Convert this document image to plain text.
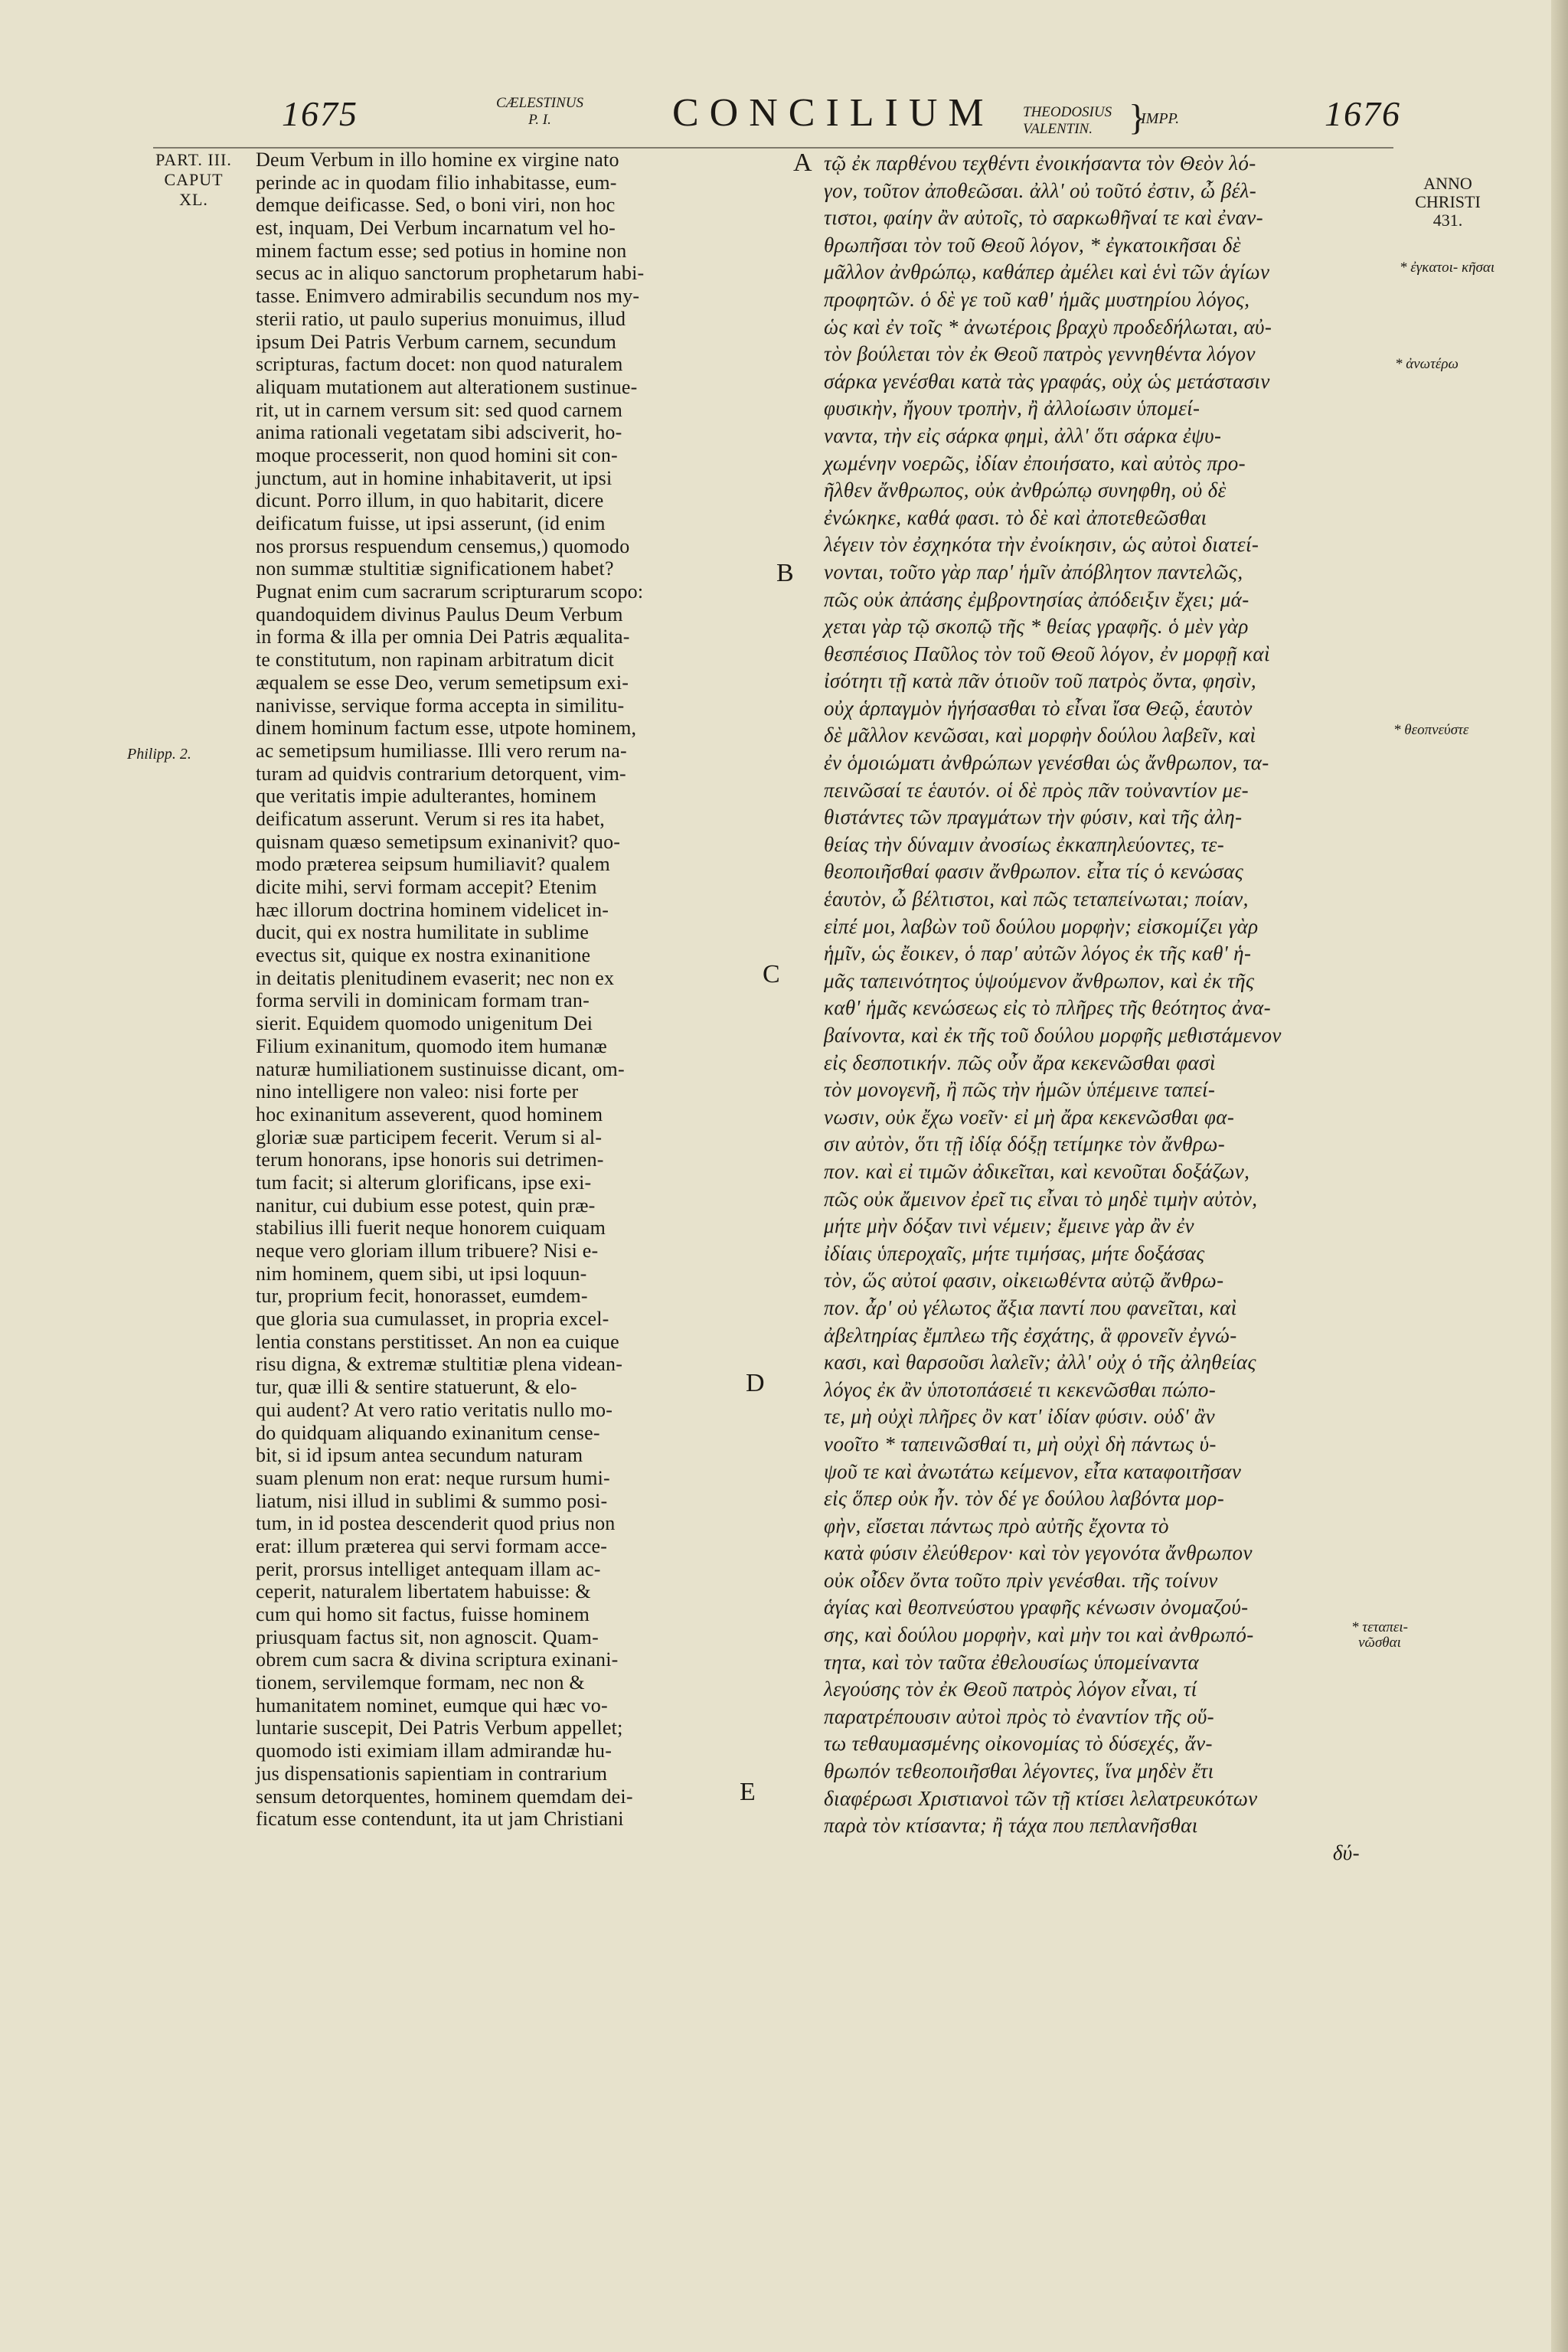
1675	CÆLESTINUS
P. I.	CONCILIUM THEODOSIUS
VALENTIN. }
IMPP.	1676
PART. III.
CAPUT
XL.
Philipp. 2.
Deum Verbum in illo homine ex virgine nato
perinde ac in quodam filio inhabitasse, eum-
demque deificasse. Sed, o boni viri, non hoc
est, inquam, Dei Verbum incarnatum vel ho-
minem factum esse; sed potius in homine non
secus ac in aliquo sanctorum prophetarum habi-
tasse. Enimvero admirabilis secundum nos my-
sterii ratio, ut paulo superius monuimus, illud
ipsum Dei Patris Verbum carnem, secundum
scripturas, factum docet: non quod naturalem
aliquam mutationem aut alterationem sustinue-
rit, ut in carnem versum sit: sed quod carnem
anima rationali vegetatam sibi adsciverit, ho-
moque processerit, non quod homini sit con-
junctum, aut in homine inhabitaverit, ut ipsi
dicunt. Porro illum, in quo habitarit, dicere
deificatum fuisse, ut ipsi asserunt, (id enim
nos prorsus respuendum censemus,) quomodo
non summæ stultitiæ significationem habet?
Pugnat enim cum sacrarum scripturarum scopo:
quandoquidem divinus Paulus Deum Verbum
in forma & illa per omnia Dei Patris æqualita-
te constitutum, non rapinam arbitratum dicit
æqualem se esse Deo, verum semetipsum exi-
nanivisse, servique forma accepta in similitu-
dinem hominum factum esse, utpote hominem,
ac semetipsum humiliasse. Illi vero rerum na-
turam ad quidvis contrarium detorquent, vim-
que veritatis impie adulterantes, hominem
deificatum asserunt. Verum si res ita habet,
quisnam quæso semetipsum exinanivit? quo-
modo præterea seipsum humiliavit? qualem
dicite mihi, servi formam accepit? Etenim
hæc illorum doctrina hominem videlicet in-
ducit, qui ex nostra humilitate in sublime
evectus sit, quique ex nostra exinanitione
in deitatis plenitudinem evaserit; nec non ex
forma servili in dominicam formam tran-
sierit. Equidem quomodo unigenitum Dei
Filium exinanitum, quomodo item humanæ
naturæ humiliationem sustinuisse dicant, om-
nino intelligere non valeo: nisi forte per
hoc exinanitum asseverent, quod hominem
gloriæ suæ participem fecerit. Verum si al-
terum honorans, ipse honoris sui detrimen-
tum facit; si alterum glorificans, ipse exi-
nanitur, cui dubium esse potest, quin præ-
stabilius illi fuerit neque honorem cuiquam
neque vero gloriam illum tribuere? Nisi e-
nim hominem, quem sibi, ut ipsi loquun-
tur, proprium fecit, honorasset, eumdem-
que gloria sua cumulasset, in propria excel-
lentia constans perstitisset. An non ea cuique
risu digna, & extremæ stultitiæ plena videan-
tur, quæ illi & sentire statuerunt, & elo-
qui audent? At vero ratio veritatis nullo mo-
do quidquam aliquando exinanitum cense-
bit, si id ipsum antea secundum naturam
suam plenum non erat: neque rursum humi-
liatum, nisi illud in sublimi & summo posi-
tum, in id postea descenderit quod prius non
erat: illum præterea qui servi formam acce-
perit, prorsus intelliget antequam illam ac-
ceperit, naturalem libertatem habuisse: &
cum qui homo sit factus, fuisse hominem
priusquam factus sit, non agnoscit. Quam-
obrem cum sacra & divina scriptura exinani-
tionem, servilemque formam, nec non &
humanitatem nominet, eumque qui hæc vo-
luntarie suscepit, Dei Patris Verbum appellet;
quomodo isti eximiam illam admirandæ hu-
jus dispensationis sapientiam in contrarium
sensum detorquentes, hominem quemdam dei-
ficatum esse contendunt, ita ut jam Christiani
A
B
C
D
E
τῷ ἐκ παρθένου τεχθέντι ἐνοικήσαντα τὸν Θεὸν λό-
γον, τοῦτον ἀποθεῶσαι. ἀλλ' οὐ τοῦτό ἐστιν, ὦ βέλ-
τιστοι, φαίην ἂν αὐτοῖς, τὸ σαρκωθῆναί τε καὶ ἐναν-
θρωπῆσαι τὸν τοῦ Θεοῦ λόγον, * ἐγκατοικῆσαι δὲ
μᾶλλον ἀνθρώπῳ, καθάπερ ἀμέλει καὶ ἑνὶ τῶν ἁγίων
προφητῶν. ὁ δὲ γε τοῦ καθ' ἡμᾶς μυστηρίου λόγος,
ὡς καὶ ἐν τοῖς * ἀνωτέροις βραχὺ προδεδήλωται, αὐ-
τὸν βούλεται τὸν ἐκ Θεοῦ πατρὸς γεννηθέντα λόγον
σάρκα γενέσθαι κατὰ τὰς γραφάς, οὐχ ὡς μετάστασιν
φυσικὴν, ἤγουν τροπὴν, ἢ ἀλλοίωσιν ὑπομεί-
ναντα, τὴν εἰς σάρκα φημὶ, ἀλλ' ὅτι σάρκα ἐψυ-
χωμένην νοερῶς, ἰδίαν ἐποιήσατο, καὶ αὐτὸς προ-
ῆλθεν ἄνθρωπος, οὐκ ἀνθρώπῳ συνηφθη, οὐ δὲ
ἐνώκηκε, καθά φασι. τὸ δὲ καὶ ἀποτεθεῶσθαι
λέγειν τὸν ἐσχηκότα τὴν ἐνοίκησιν, ὡς αὐτοὶ διατεί-
νονται, τοῦτο γὰρ παρ' ἡμῖν ἀπόβλητον παντελῶς,
πῶς οὐκ ἀπάσης ἐμβροντησίας ἀπόδειξιν ἔχει; μά-
χεται γὰρ τῷ σκοπῷ τῆς * θείας γραφῆς. ὁ μὲν γὰρ
θεσπέσιος Παῦλος τὸν τοῦ Θεοῦ λόγον, ἐν μορφῇ καὶ
ἰσότητι τῇ κατὰ πᾶν ὁτιοῦν τοῦ πατρὸς ὄντα, φησὶν,
οὐχ ἁρπαγμὸν ἡγήσασθαι τὸ εἶναι ἴσα Θεῷ, ἑαυτὸν
δὲ μᾶλλον κενῶσαι, καὶ μορφὴν δούλου λαβεῖν, καὶ
ἐν ὁμοιώματι ἀνθρώπων γενέσθαι ὡς ἄνθρωπον, τα-
πεινῶσαί τε ἑαυτόν. οἱ δὲ πρὸς πᾶν τοὐναντίον με-
θιστάντες τῶν πραγμάτων τὴν φύσιν, καὶ τῆς ἀλη-
θείας τὴν δύναμιν ἀνοσίως ἐκκαπηλεύοντες, τε-
θεοποιῆσθαί φασιν ἄνθρωπον. εἶτα τίς ὁ κενώσας
ἑαυτὸν, ὦ βέλτιστοι, καὶ πῶς τεταπείνωται; ποίαν,
εἰπέ μοι, λαβὼν τοῦ δούλου μορφὴν; εἰσκομίζει γὰρ
ἡμῖν, ὡς ἔοικεν, ὁ παρ' αὐτῶν λόγος ἐκ τῆς καθ' ἡ-
μᾶς ταπεινότητος ὑψούμενον ἄνθρωπον, καὶ ἐκ τῆς
καθ' ἡμᾶς κενώσεως εἰς τὸ πλῆρες τῆς θεότητος ἀνα-
βαίνοντα, καὶ ἐκ τῆς τοῦ δούλου μορφῆς μεθιστάμενον
εἰς δεσποτικήν. πῶς οὖν ἄρα κεκενῶσθαι φασὶ
τὸν μονογενῆ, ἢ πῶς τὴν ἡμῶν ὑπέμεινε ταπεί-
νωσιν, οὐκ ἔχω νοεῖν· εἰ μὴ ἄρα κεκενῶσθαι φα-
σιν αὐτὸν, ὅτι τῇ ἰδίᾳ δόξῃ τετίμηκε τὸν ἄνθρω-
πον. καὶ εἰ τιμῶν ἀδικεῖται, καὶ κενοῦται δοξάζων,
πῶς οὐκ ἄμεινον ἐρεῖ τις εἶναι τὸ μηδὲ τιμὴν αὐτὸν,
μήτε μὴν δόξαν τινὶ νέμειν; ἔμεινε γὰρ ἂν ἐν
ἰδίαις ὑπεροχαῖς, μήτε τιμήσας, μήτε δοξάσας
τὸν, ὥς αὐτοί φασιν, οἰκειωθέντα αὐτῷ ἄνθρω-
πον. ἆρ' οὐ γέλωτος ἄξια παντί που φανεῖται, καὶ
ἀβελτηρίας ἔμπλεω τῆς ἐσχάτης, ἃ φρονεῖν ἐγνώ-
κασι, καὶ θαρσοῦσι λαλεῖν; ἀλλ' οὐχ ὁ τῆς ἀληθείας
λόγος ἐκ ἂν ὑποτοπάσειέ τι κεκενῶσθαι πώπο-
τε, μὴ οὐχὶ πλῆρες ὂν κατ' ἰδίαν φύσιν. οὐδ' ἂν
νοοῖτο * ταπεινῶσθαί τι, μὴ οὐχὶ δὴ πάντως ὑ-
ψοῦ τε καὶ ἀνωτάτω κείμενον, εἶτα καταφοιτῆσαν
εἰς ὅπερ οὐκ ἦν. τὸν δέ γε δούλου λαβόντα μορ-
φὴν, εἴσεται πάντως πρὸ αὐτῆς ἔχοντα τὸ
κατὰ φύσιν ἐλεύθερον· καὶ τὸν γεγονότα ἄνθρωπον
οὐκ οἶδεν ὄντα τοῦτο πρὶν γενέσθαι. τῆς τοίνυν
ἁγίας καὶ θεοπνεύστου γραφῆς κένωσιν ὀνομαζού-
σης, καὶ δούλου μορφὴν, καὶ μὴν τοι καὶ ἀνθρωπό-
τητα, καὶ τὸν ταῦτα ἐθελουσίως ὑπομείναντα
λεγούσης τὸν ἐκ Θεοῦ πατρὸς λόγον εἶναι, τί
παρατρέπουσιν αὐτοὶ πρὸς τὸ ἐναντίον τῆς οὕ-
τω τεθαυμασμένης οἰκονομίας τὸ δύσεχές, ἄν-
θρωπόν τεθεοποιῆσθαι λέγοντες, ἵνα μηδὲν ἔτι
διαφέρωσι Χριστιανοὶ τῶν τῇ κτίσει λελατρευκότων
παρὰ τὸν κτίσαντα; ἢ τάχα που πεπλανῆσθαι
δύ-
ANNO
CHRISTI
431.
* ἐγκατοι- κῆσαι
* ἀνωτέρω
* θεοπνεύστε
* τεταπει- νῶσθαι
